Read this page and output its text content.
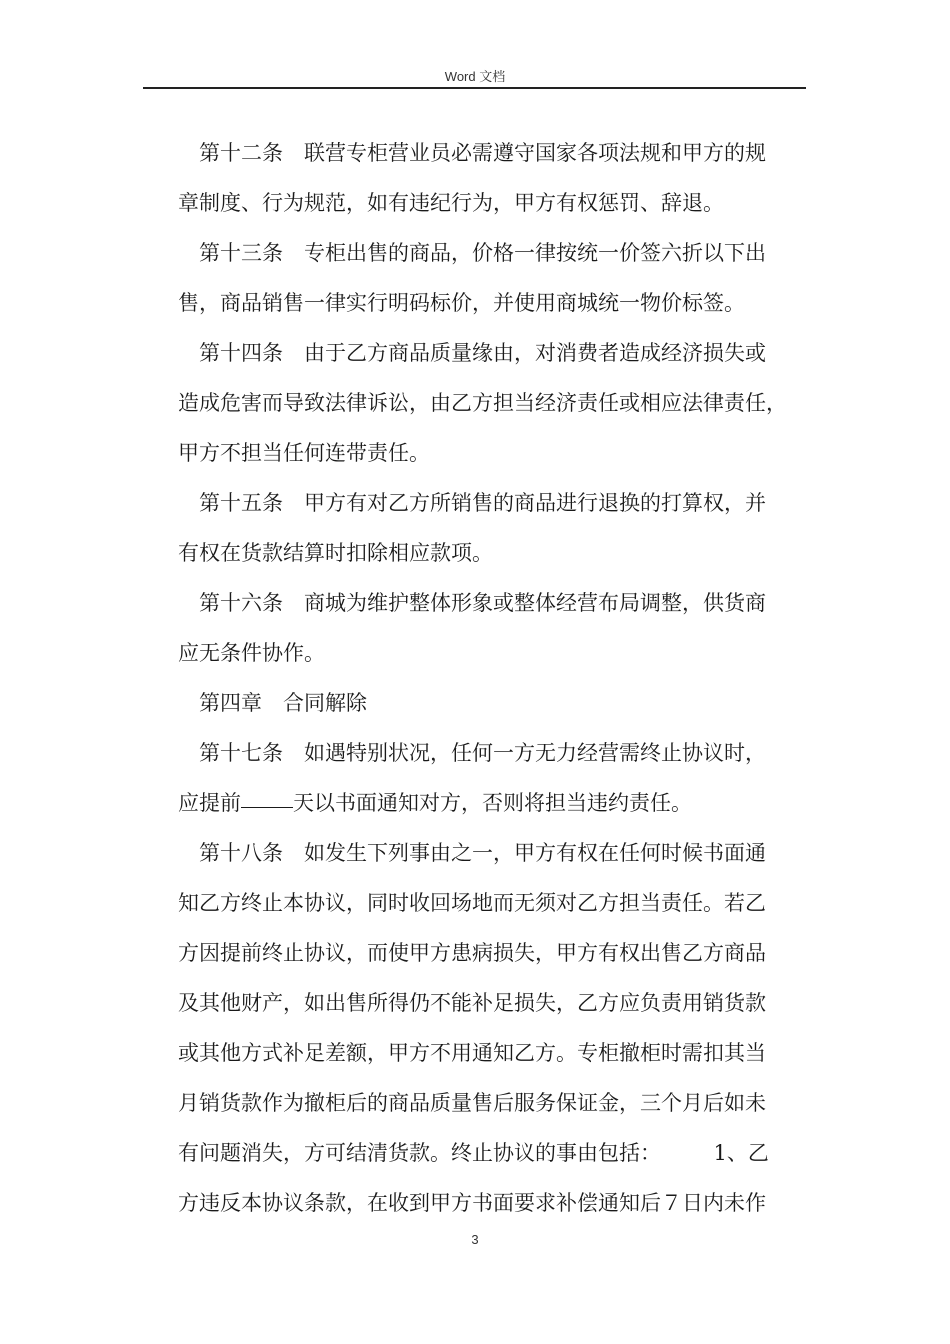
Word 文档
第十二条　联营专柜营业员必需遵守国家各项法规和甲方的规
章制度、行为规范，如有违纪行为，甲方有权惩罚、辞退。
第十三条　专柜出售的商品，价格一律按统一价签六折以下出
售，商品销售一律实行明码标价，并使用商城统一物价标签。
第十四条　由于乙方商品质量缘由，对消费者造成经济损失或
造成危害而导致法律诉讼，由乙方担当经济责任或相应法律责任，
甲方不担当任何连带责任。
第十五条　甲方有对乙方所销售的商品进行退换的打算权，并
有权在货款结算时扣除相应款项。
第十六条　商城为维护整体形象或整体经营布局调整，供货商
应无条件协作。
第四章　合同解除
第十七条　如遇特别状况，任何一方无力经营需终止协议时，
应提前 天以书面通知对方，否则将担当违约责任。
第十八条　如发生下列事由之一，甲方有权在任何时候书面通
知乙方终止本协议，同时收回场地而无须对乙方担当责任。若乙
方因提前终止协议，而使甲方患病损失，甲方有权出售乙方商品
及其他财产，如出售所得仍不能补足损失，乙方应负责用销货款
或其他方式补足差额，甲方不用通知乙方。专柜撤柜时需扣其当
月销货款作为撤柜后的商品质量售后服务保证金，三个月后如未
有问题消失，方可结清货款。终止协议的事由包括：　　　1、乙
方违反本协议条款，在收到甲方书面要求补偿通知后７日内未作
3
